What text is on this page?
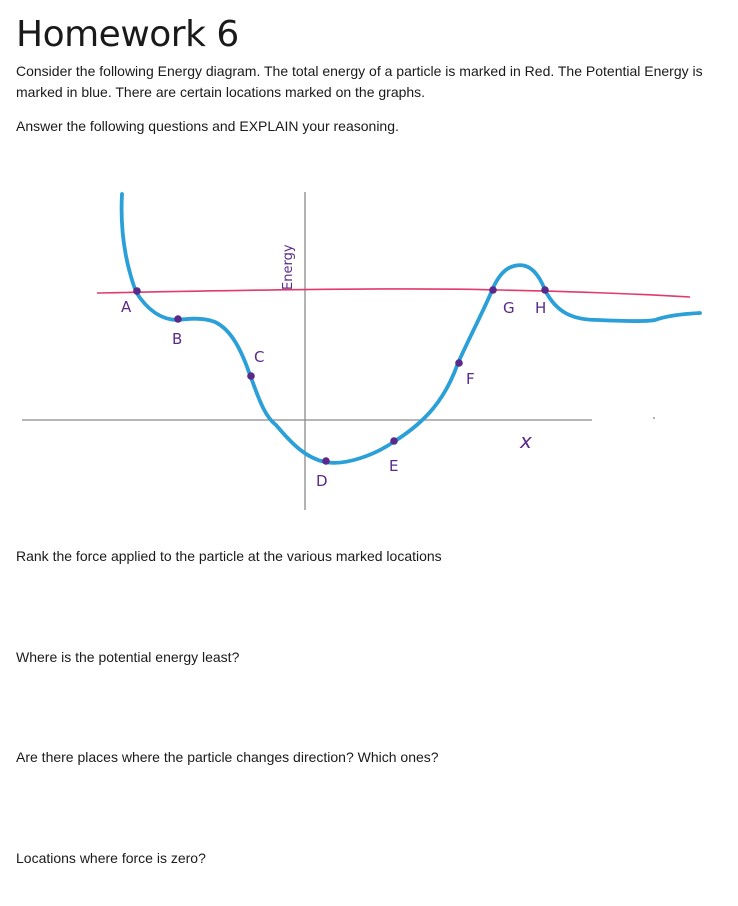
Homework 6
Consider the following Energy diagram. The total energy of a particle is marked in Red. The Potential Energy is marked in blue. There are certain locations marked on the graphs.
Answer the following questions and EXPLAIN your reasoning.
Energy
x
A
B
C
D
E
F
G H
Rank the force applied to the particle at the various marked locations
Where is the potential energy least?
Are there places where the particle changes direction? Which ones?
Locations where force is zero?
